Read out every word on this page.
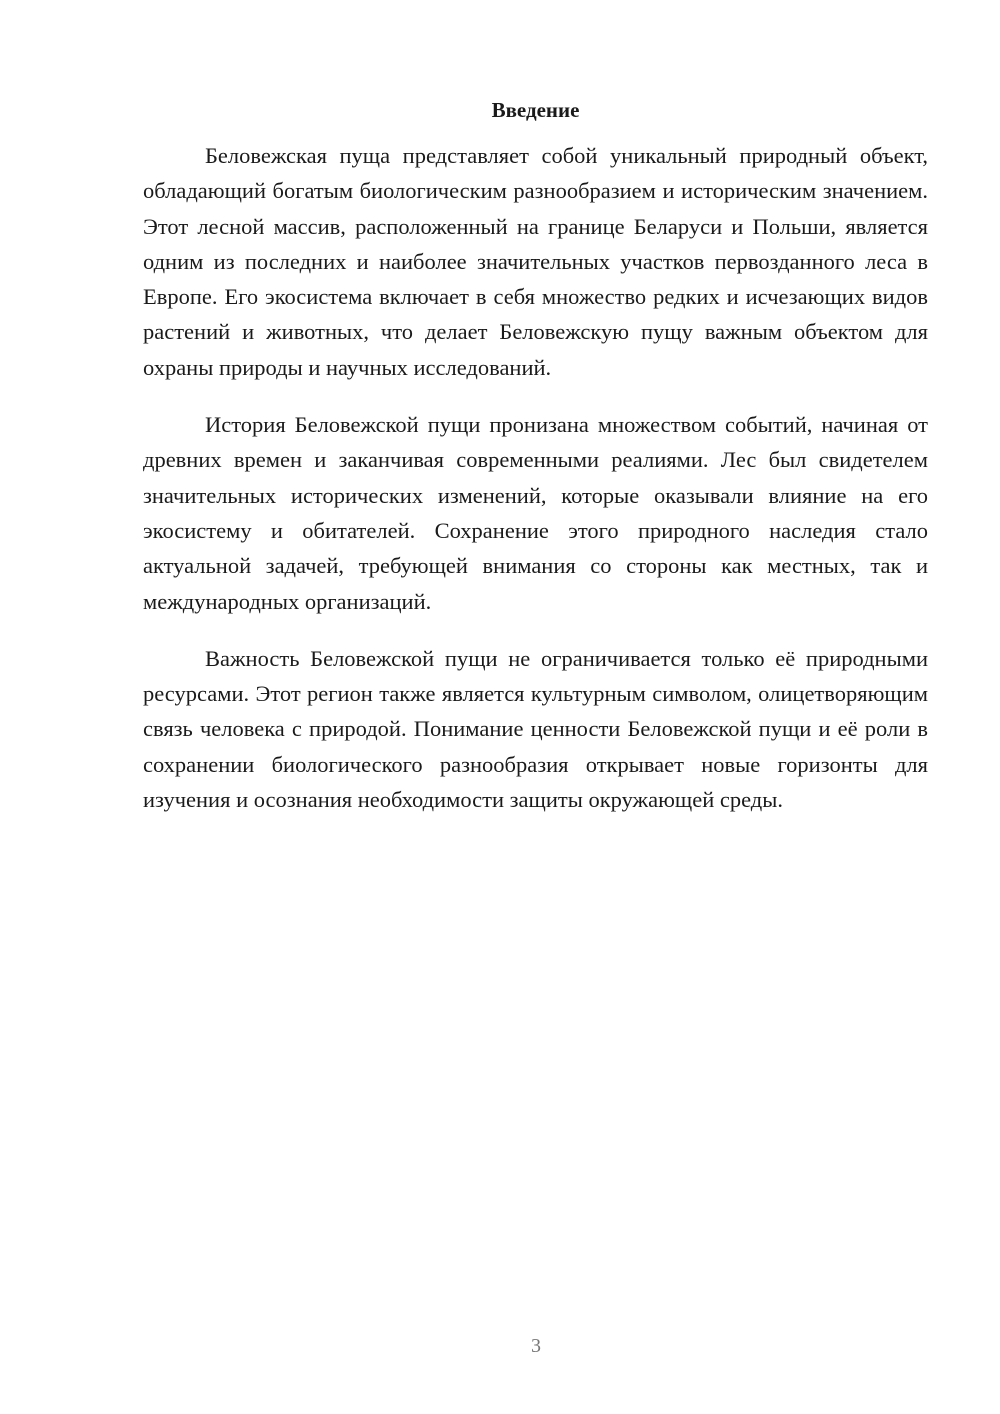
Введение

Беловежская пуща представляет собой уникальный природный объект, обладающий богатым биологическим разнообразием и историческим значением. Этот лесной массив, расположенный на границе Беларуси и Польши, является одним из последних и наиболее значительных участков первозданного леса в Европе. Его экосистема включает в себя множество редких и исчезающих видов растений и животных, что делает Беловежскую пущу важным объектом для охраны природы и научных исследований.

История Беловежской пущи пронизана множеством событий, начиная от древних времен и заканчивая современными реалиями. Лес был свидетелем значительных исторических изменений, которые оказывали влияние на его экосистему и обитателей. Сохранение этого природного наследия стало актуальной задачей, требующей внимания со стороны как местных, так и международных организаций.

Важность Беловежской пущи не ограничивается только её природными ресурсами. Этот регион также является культурным символом, олицетворяющим связь человека с природой. Понимание ценности Беловежской пущи и её роли в сохранении биологического разнообразия открывает новые горизонты для изучения и осознания необходимости защиты окружающей среды.

3
